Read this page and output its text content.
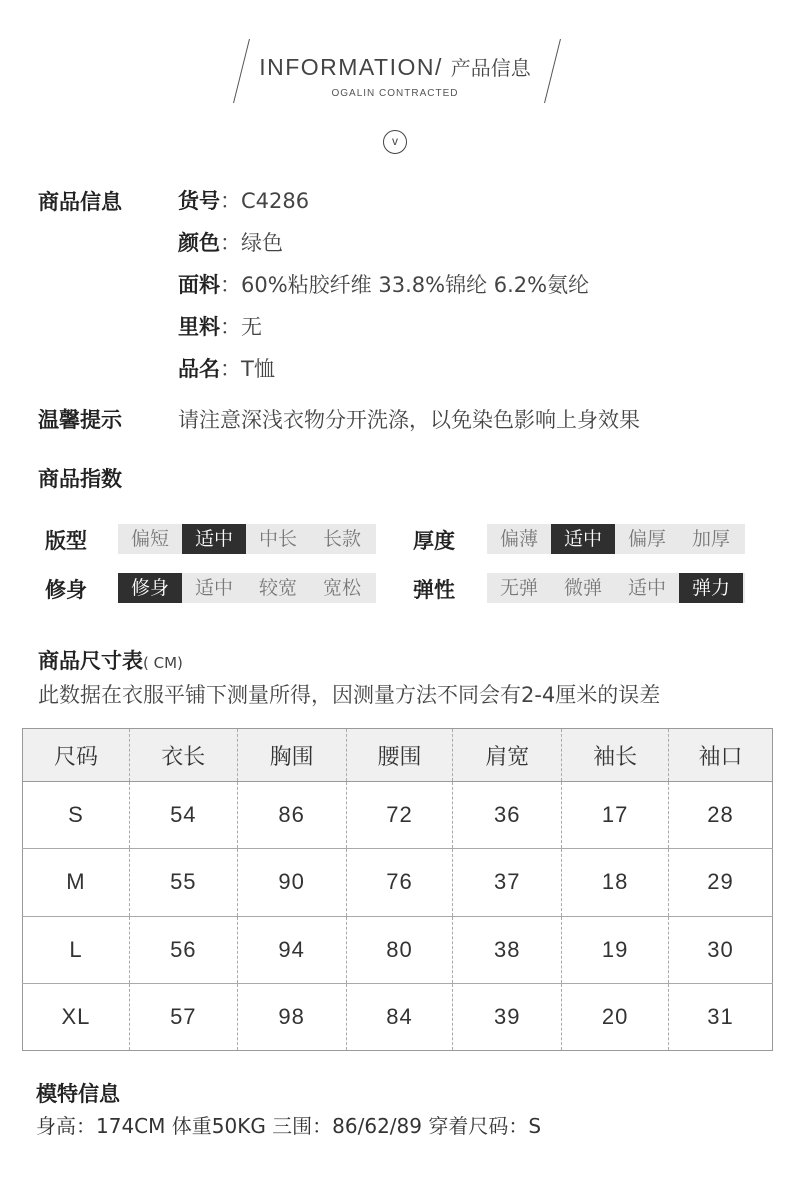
INFORMATION/ 产品信息
OGALIN CONTRACTED
v
商品信息	货号：C4286
颜色：绿色
面料：60%粘胶纤维 33.8%锦纶 6.2%氨纶
里料：无
品名：T恤
温馨提示	请注意深浅衣物分开洗涤，以免染色影响上身效果
商品指数
版型	偏短	适中	中长	长款	厚度	偏薄	适中	偏厚	加厚
修身	修身	适中	较宽	宽松	弹性	无弹	微弹	适中	弹力
商品尺寸表( CM)
此数据在衣服平铺下测量所得，因测量方法不同会有2-4厘米的误差
尺码	衣长	胸围	腰围	肩宽	袖长	袖口
S	54	86	72	36	17	28
M	55	90	76	37	18	29
L	56	94	80	38	19	30
XL	57	98	84	39	20	31
模特信息
身高：174CM 体重50KG 三围：86/62/89 穿着尺码：S
